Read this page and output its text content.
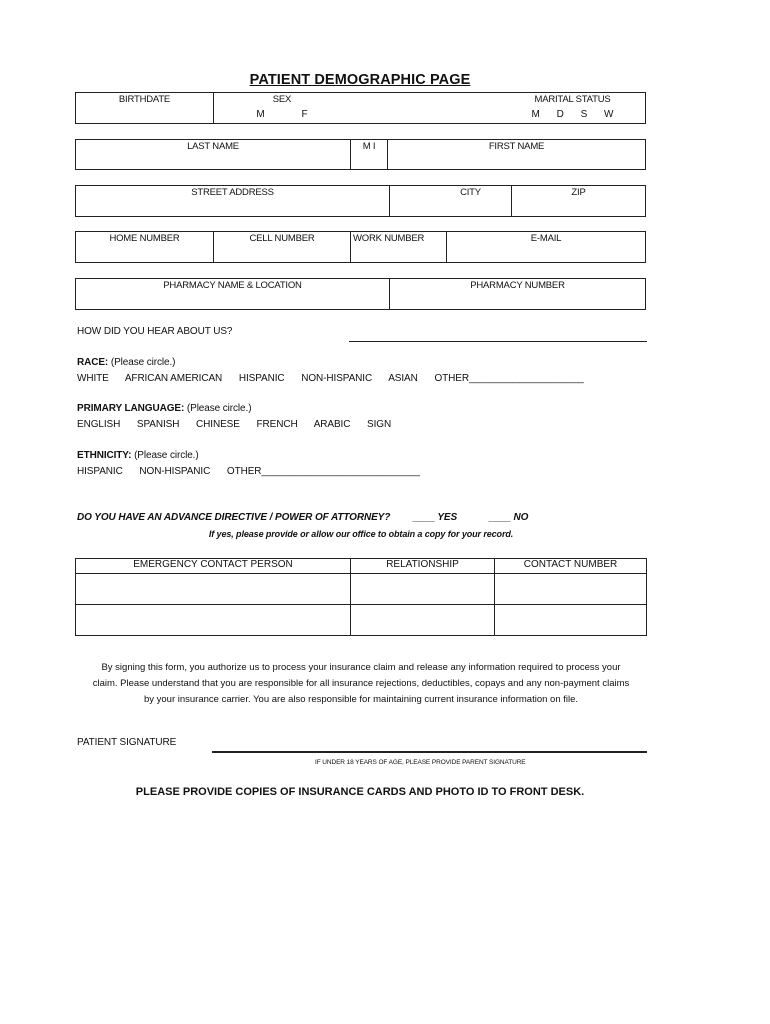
PATIENT DEMOGRAPHIC PAGE
BIRTHDATE	SEX
M F
MARITAL STATUS
M D S W
LAST NAME	M I	FIRST NAME
STREET ADDRESS	CITY	ZIP
HOME NUMBER	CELL NUMBER	WORK NUMBER	E-MAIL
PHARMACY NAME & LOCATION	PHARMACY NUMBER
HOW DID YOU HEAR ABOUT US?
RACE: (Please circle.)
WHITE AFRICAN AMERICAN HISPANIC NON-HISPANIC ASIAN OTHER_____________________
PRIMARY LANGUAGE: (Please circle.)
ENGLISH SPANISH CHINESE FRENCH ARABIC SIGN
ETHNICITY: (Please circle.)
HISPANIC NON-HISPANIC OTHER_____________________________
DO YOU HAVE AN ADVANCE DIRECTIVE / POWER OF ATTORNEY? ____ YES	____ NO
If yes, please provide or allow our office to obtain a copy for your record.
EMERGENCY CONTACT PERSON	RELATIONSHIP	CONTACT NUMBER

By signing this form, you authorize us to process your insurance claim and release any information required to process your
claim. Please understand that you are responsible for all insurance rejections, deductibles, copays and any non-payment claims
by your insurance carrier. You are also responsible for maintaining current insurance information on file.
PATIENT SIGNATURE
IF UNDER 18 YEARS OF AGE, PLEASE PROVIDE PARENT SIGNATURE
PLEASE PROVIDE COPIES OF INSURANCE CARDS AND PHOTO ID TO FRONT DESK.
